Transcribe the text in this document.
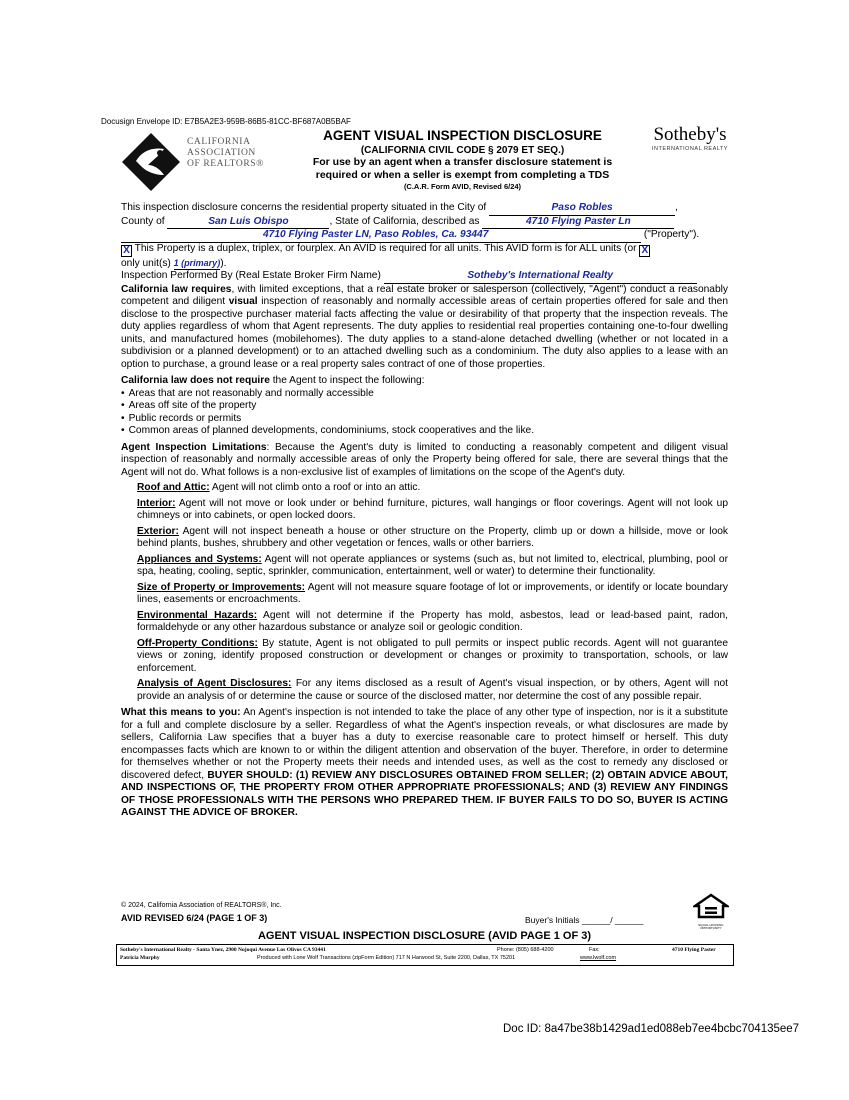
Docusign Envelope ID: E7B5A2E3-959B-86B5-81CC-BF687A0B5BAF
CALIFORNIA
ASSOCIATION
OF REALTORS®
AGENT VISUAL INSPECTION DISCLOSURE
(CALIFORNIA CIVIL CODE § 2079 ET SEQ.)
For use by an agent when a transfer disclosure statement is
required or when a seller is exempt from completing a TDS
(C.A.R. Form AVID, Revised 6/24)
Sotheby's
INTERNATIONAL REALTY
This inspection disclosure concerns the residential property situated in the City of	Paso Robles	,
County of	San Luis Obispo	, State of California, described as	4710 Flying Paster Ln
4710 Flying Paster LN, Paso Robles, Ca. 93447	("Property").
X This Property is a duplex, triplex, or fourplex. An AVID is required for all units. This AVID form is for ALL units (or X
only unit(s) 1 (primary)).
Inspection Performed By (Real Estate Broker Firm Name)	Sotheby's International Realty

California law requires, with limited exceptions, that a real estate broker or salesperson (collectively, "Agent") conduct a reasonably competent and diligent visual inspection of reasonably and normally accessible areas of certain properties offered for sale and then disclose to the prospective purchaser material facts affecting the value or desirability of that property that the inspection reveals. The duty applies regardless of whom that Agent represents. The duty applies to residential real properties containing one-to-four dwelling units, and manufactured homes (mobilehomes). The duty applies to a stand-alone detached dwelling (whether or not located in a subdivision or a planned development) or to an attached dwelling such as a condominium. The duty also applies to a lease with an option to purchase, a ground lease or a real property sales contract of one of those properties.

California law does not require the Agent to inspect the following:

• Areas that are not reasonably and normally accessible
• Areas off site of the property
• Public records or permits
• Common areas of planned developments, condominiums, stock cooperatives and the like.

Agent Inspection Limitations: Because the Agent's duty is limited to conducting a reasonably competent and diligent visual inspection of reasonably and normally accessible areas of only the Property being offered for sale, there are several things that the Agent will not do. What follows is a non-exclusive list of examples of limitations on the scope of the Agent's duty.

Roof and Attic: Agent will not climb onto a roof or into an attic.

Interior: Agent will not move or look under or behind furniture, pictures, wall hangings or floor coverings. Agent will not look up chimneys or into cabinets, or open locked doors.

Exterior: Agent will not inspect beneath a house or other structure on the Property, climb up or down a hillside, move or look behind plants, bushes, shrubbery and other vegetation or fences, walls or other barriers.

Appliances and Systems: Agent will not operate appliances or systems (such as, but not limited to, electrical, plumbing, pool or spa, heating, cooling, septic, sprinkler, communication, entertainment, well or water) to determine their functionality.

Size of Property or Improvements: Agent will not measure square footage of lot or improvements, or identify or locate boundary lines, easements or encroachments.

Environmental Hazards: Agent will not determine if the Property has mold, asbestos, lead or lead-based paint, radon, formaldehyde or any other hazardous substance or analyze soil or geologic condition.

Off-Property Conditions: By statute, Agent is not obligated to pull permits or inspect public records. Agent will not guarantee views or zoning, identify proposed construction or development or changes or proximity to transportation, schools, or law enforcement.

Analysis of Agent Disclosures: For any items disclosed as a result of Agent's visual inspection, or by others, Agent will not provide an analysis of or determine the cause or source of the disclosed matter, nor determine the cost of any possible repair.

What this means to you: An Agent's inspection is not intended to take the place of any other type of inspection, nor is it a substitute for a full and complete disclosure by a seller. Regardless of what the Agent's inspection reveals, or what disclosures are made by sellers, California Law specifies that a buyer has a duty to exercise reasonable care to protect himself or herself. This duty encompasses facts which are known to or within the diligent attention and observation of the buyer. Therefore, in order to determine for themselves whether or not the Property meets their needs and intended uses, as well as the cost to remedy any disclosed or discovered defect, BUYER SHOULD: (1) REVIEW ANY DISCLOSURES OBTAINED FROM SELLER; (2) OBTAIN ADVICE ABOUT, AND INSPECTIONS OF, THE PROPERTY FROM OTHER APPROPRIATE PROFESSIONALS; AND (3) REVIEW ANY FINDINGS OF THOSE PROFESSIONALS WITH THE PERSONS WHO PREPARED THEM. IF BUYER FAILS TO DO SO, BUYER IS ACTING AGAINST THE ADVICE OF BROKER.

© 2024, California Association of REALTORS®, Inc.
AVID REVISED 6/24 (PAGE 1 OF 3)	Buyer's Initials ______/ ______	EQUAL HOUSING OPPORTUNITY
AGENT VISUAL INSPECTION DISCLOSURE (AVID PAGE 1 OF 3)
Sotheby's International Realty - Santa Ynez, 2900 Nojoqui Avenue Los Olivos CA 93441	Phone: (805) 688-4200	Fax:	4710 Flying Paster
Patricia Murphy	Produced with Lone Wolf Transactions (zipForm Edition) 717 N Harwood St, Suite 2200, Dallas, TX 75201	www.lwolf.com
Doc ID: 8a47be38b1429ad1ed088eb7ee4bcbc704135ee7
